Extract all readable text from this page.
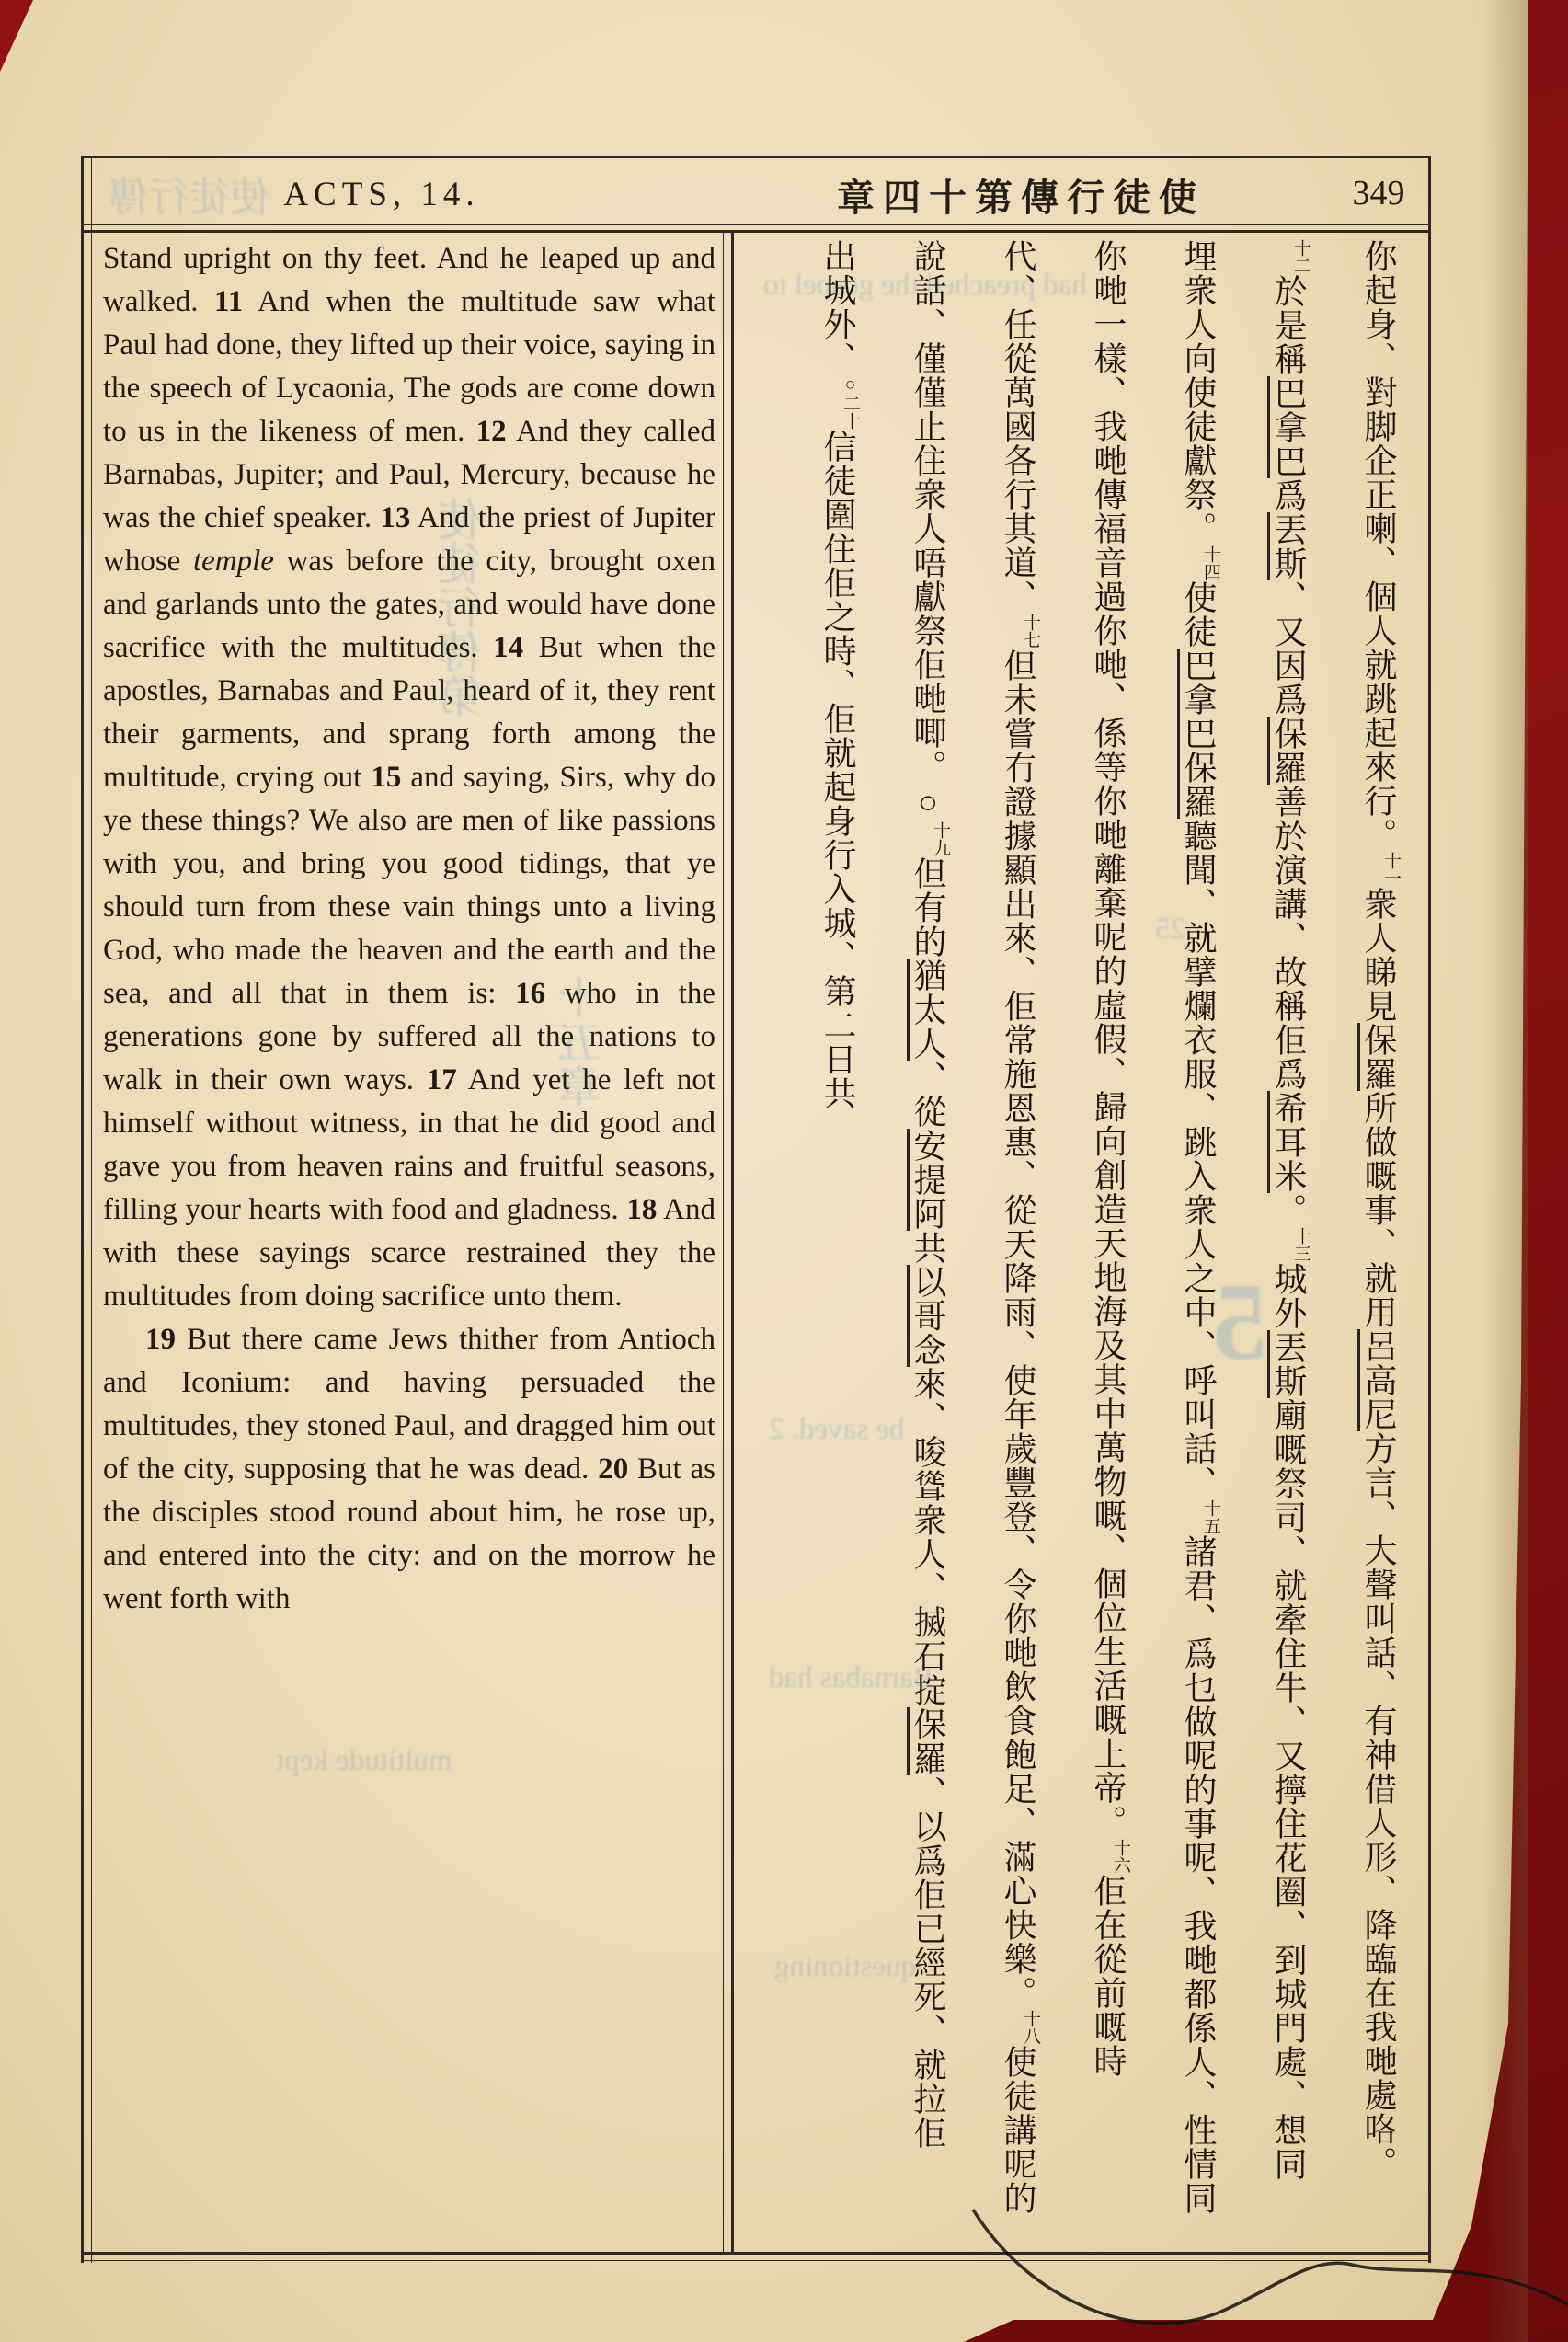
使徒行傳
had preached the gospel to
使徒行傳第
十五章
25
5
be saved. 2
Barnabas had
multitude kept
questioning
ACTS, 14.	章四十第傳行徒使	349

Stand upright on thy feet. And he leaped up and walked. 11 And when the multitude saw what Paul had done, they lifted up their voice, saying in the speech of Lycaonia, The gods are come down to us in the likeness of men. 12 And they called Barnabas, Jupiter; and Paul, Mercury, because he was the chief speaker. 13 And the priest of Jupiter whose temple was before the city, brought oxen and garlands unto the gates, and would have done sacrifice with the multitudes. 14 But when the apostles, Barnabas and Paul, heard of it, they rent their garments, and sprang forth among the multitude, crying out 15 and saying, Sirs, why do ye these things? We also are men of like passions with you, and bring you good tidings, that ye should turn from these vain things unto a living God, who made the heaven and the earth and the sea, and all that in them is: 16 who in the generations gone by suffered all the nations to walk in their own ways. 17 And yet he left not himself without witness, in that he did good and gave you from heaven rains and fruitful seasons, filling your hearts with food and gladness. 18 And with these sayings scarce restrained they the multitudes from doing sacrifice unto them.

19 But there came Jews thither from Antioch and Iconium: and having persuaded the multitudes, they stoned Paul, and dragged him out of the city, supposing that he was dead. 20 But as the disciples stood round about him, he rose up, and entered into the city: and on the morrow he went forth with

你起身、對脚企正喇、個人就跳起來行。十一衆人睇見保羅所做嘅事、就用呂高尼方言、大聲叫話、有神借人形、降臨在我哋處咯。
十二於是稱巴拿巴爲丟斯、又因爲保羅善於演講、故稱佢爲希耳米。十三城外丟斯廟嘅祭司、就牽住牛、又擰住花圈、到城門處、想同
埋衆人向使徒獻祭。十四使徒巴拿巴保羅聽聞、就擘爛衣服、跳入衆人之中、呼叫話、十五諸君、爲乜做呢的事呢、我哋都係人、性情同
你哋一樣、我哋傳福音過你哋、係等你哋離棄呢的虛假、歸向創造天地海及其中萬物嘅、個位生活嘅上帝。十六佢在從前嘅時
代、任從萬國各行其道、十七但未嘗冇證據顯出來、佢常施恩惠、從天降雨、使年歲豐登、令你哋飲食飽足、滿心快樂。十八使徒講呢的
說話、僅僅止住衆人唔獻祭佢哋唧。○十九但有的猶太人、從安提阿共以哥念來、唆聳衆人、搣石掟保羅、以爲佢已經死、就拉佢
出城外、○二十信徒圍住佢之時、佢就起身行入城、第二日共
